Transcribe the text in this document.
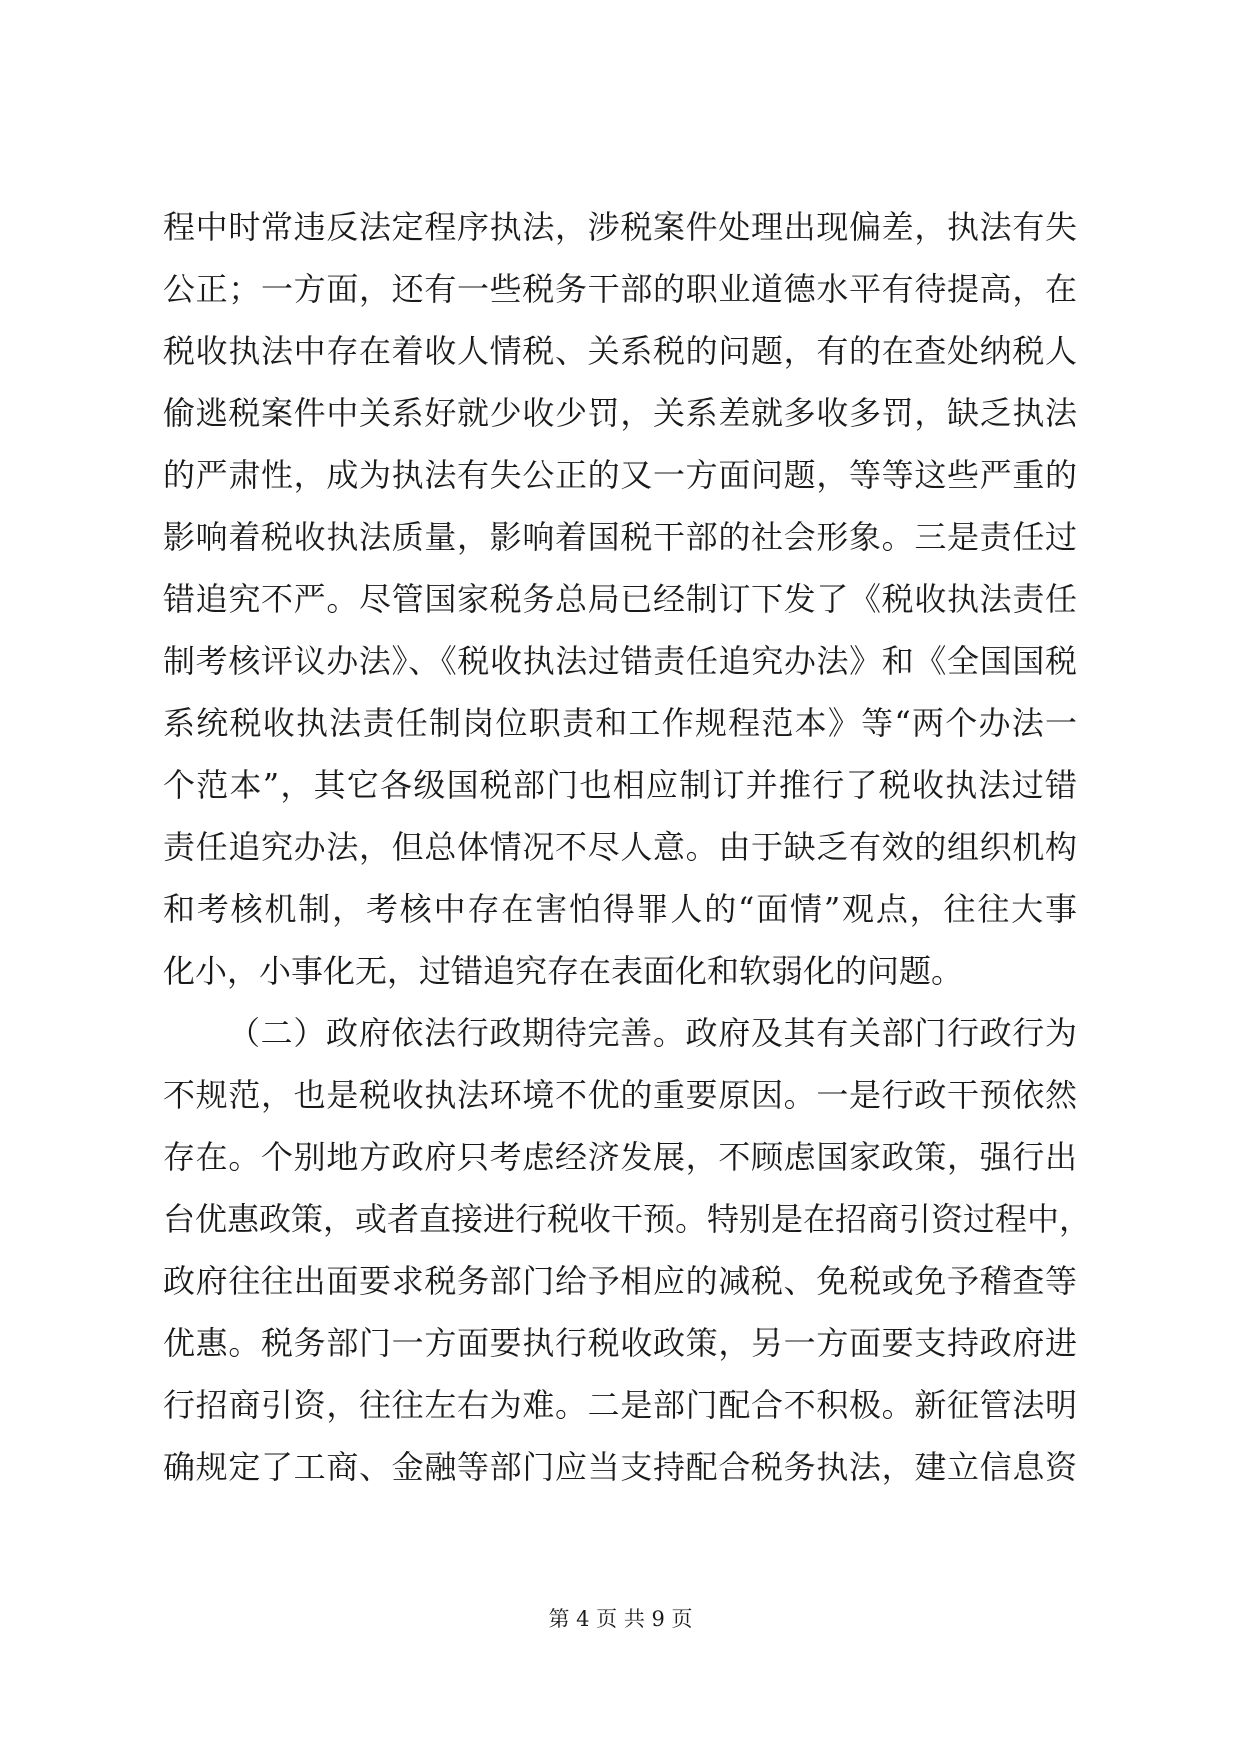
程中时常违反法定程序执法，涉税案件处理出现偏差，执法有失
公正；一方面，还有一些税务干部的职业道德水平有待提高，在
税收执法中存在着收人情税、关系税的问题，有的在查处纳税人
偷逃税案件中关系好就少收少罚，关系差就多收多罚，缺乏执法
的严肃性，成为执法有失公正的又一方面问题，等等这些严重的
影响着税收执法质量，影响着国税干部的社会形象。三是责任过
错追究不严。尽管国家税务总局已经制订下发了《税收执法责任
制考核评议办法》、《税收执法过错责任追究办法》和《全国国税
系统税收执法责任制岗位职责和工作规程范本》等“两个办法一
个范本”，其它各级国税部门也相应制订并推行了税收执法过错
责任追究办法，但总体情况不尽人意。由于缺乏有效的组织机构
和考核机制，考核中存在害怕得罪人的“面情”观点，往往大事
化小，小事化无，过错追究存在表面化和软弱化的问题。
（二）政府依法行政期待完善。政府及其有关部门行政行为
不规范，也是税收执法环境不优的重要原因。一是行政干预依然
存在。个别地方政府只考虑经济发展，不顾虑国家政策，强行出
台优惠政策，或者直接进行税收干预。特别是在招商引资过程中，
政府往往出面要求税务部门给予相应的减税、免税或免予稽查等
优惠。税务部门一方面要执行税收政策，另一方面要支持政府进
行招商引资，往往左右为难。二是部门配合不积极。新征管法明
确规定了工商、金融等部门应当支持配合税务执法，建立信息资
第 4 页 共 9 页
